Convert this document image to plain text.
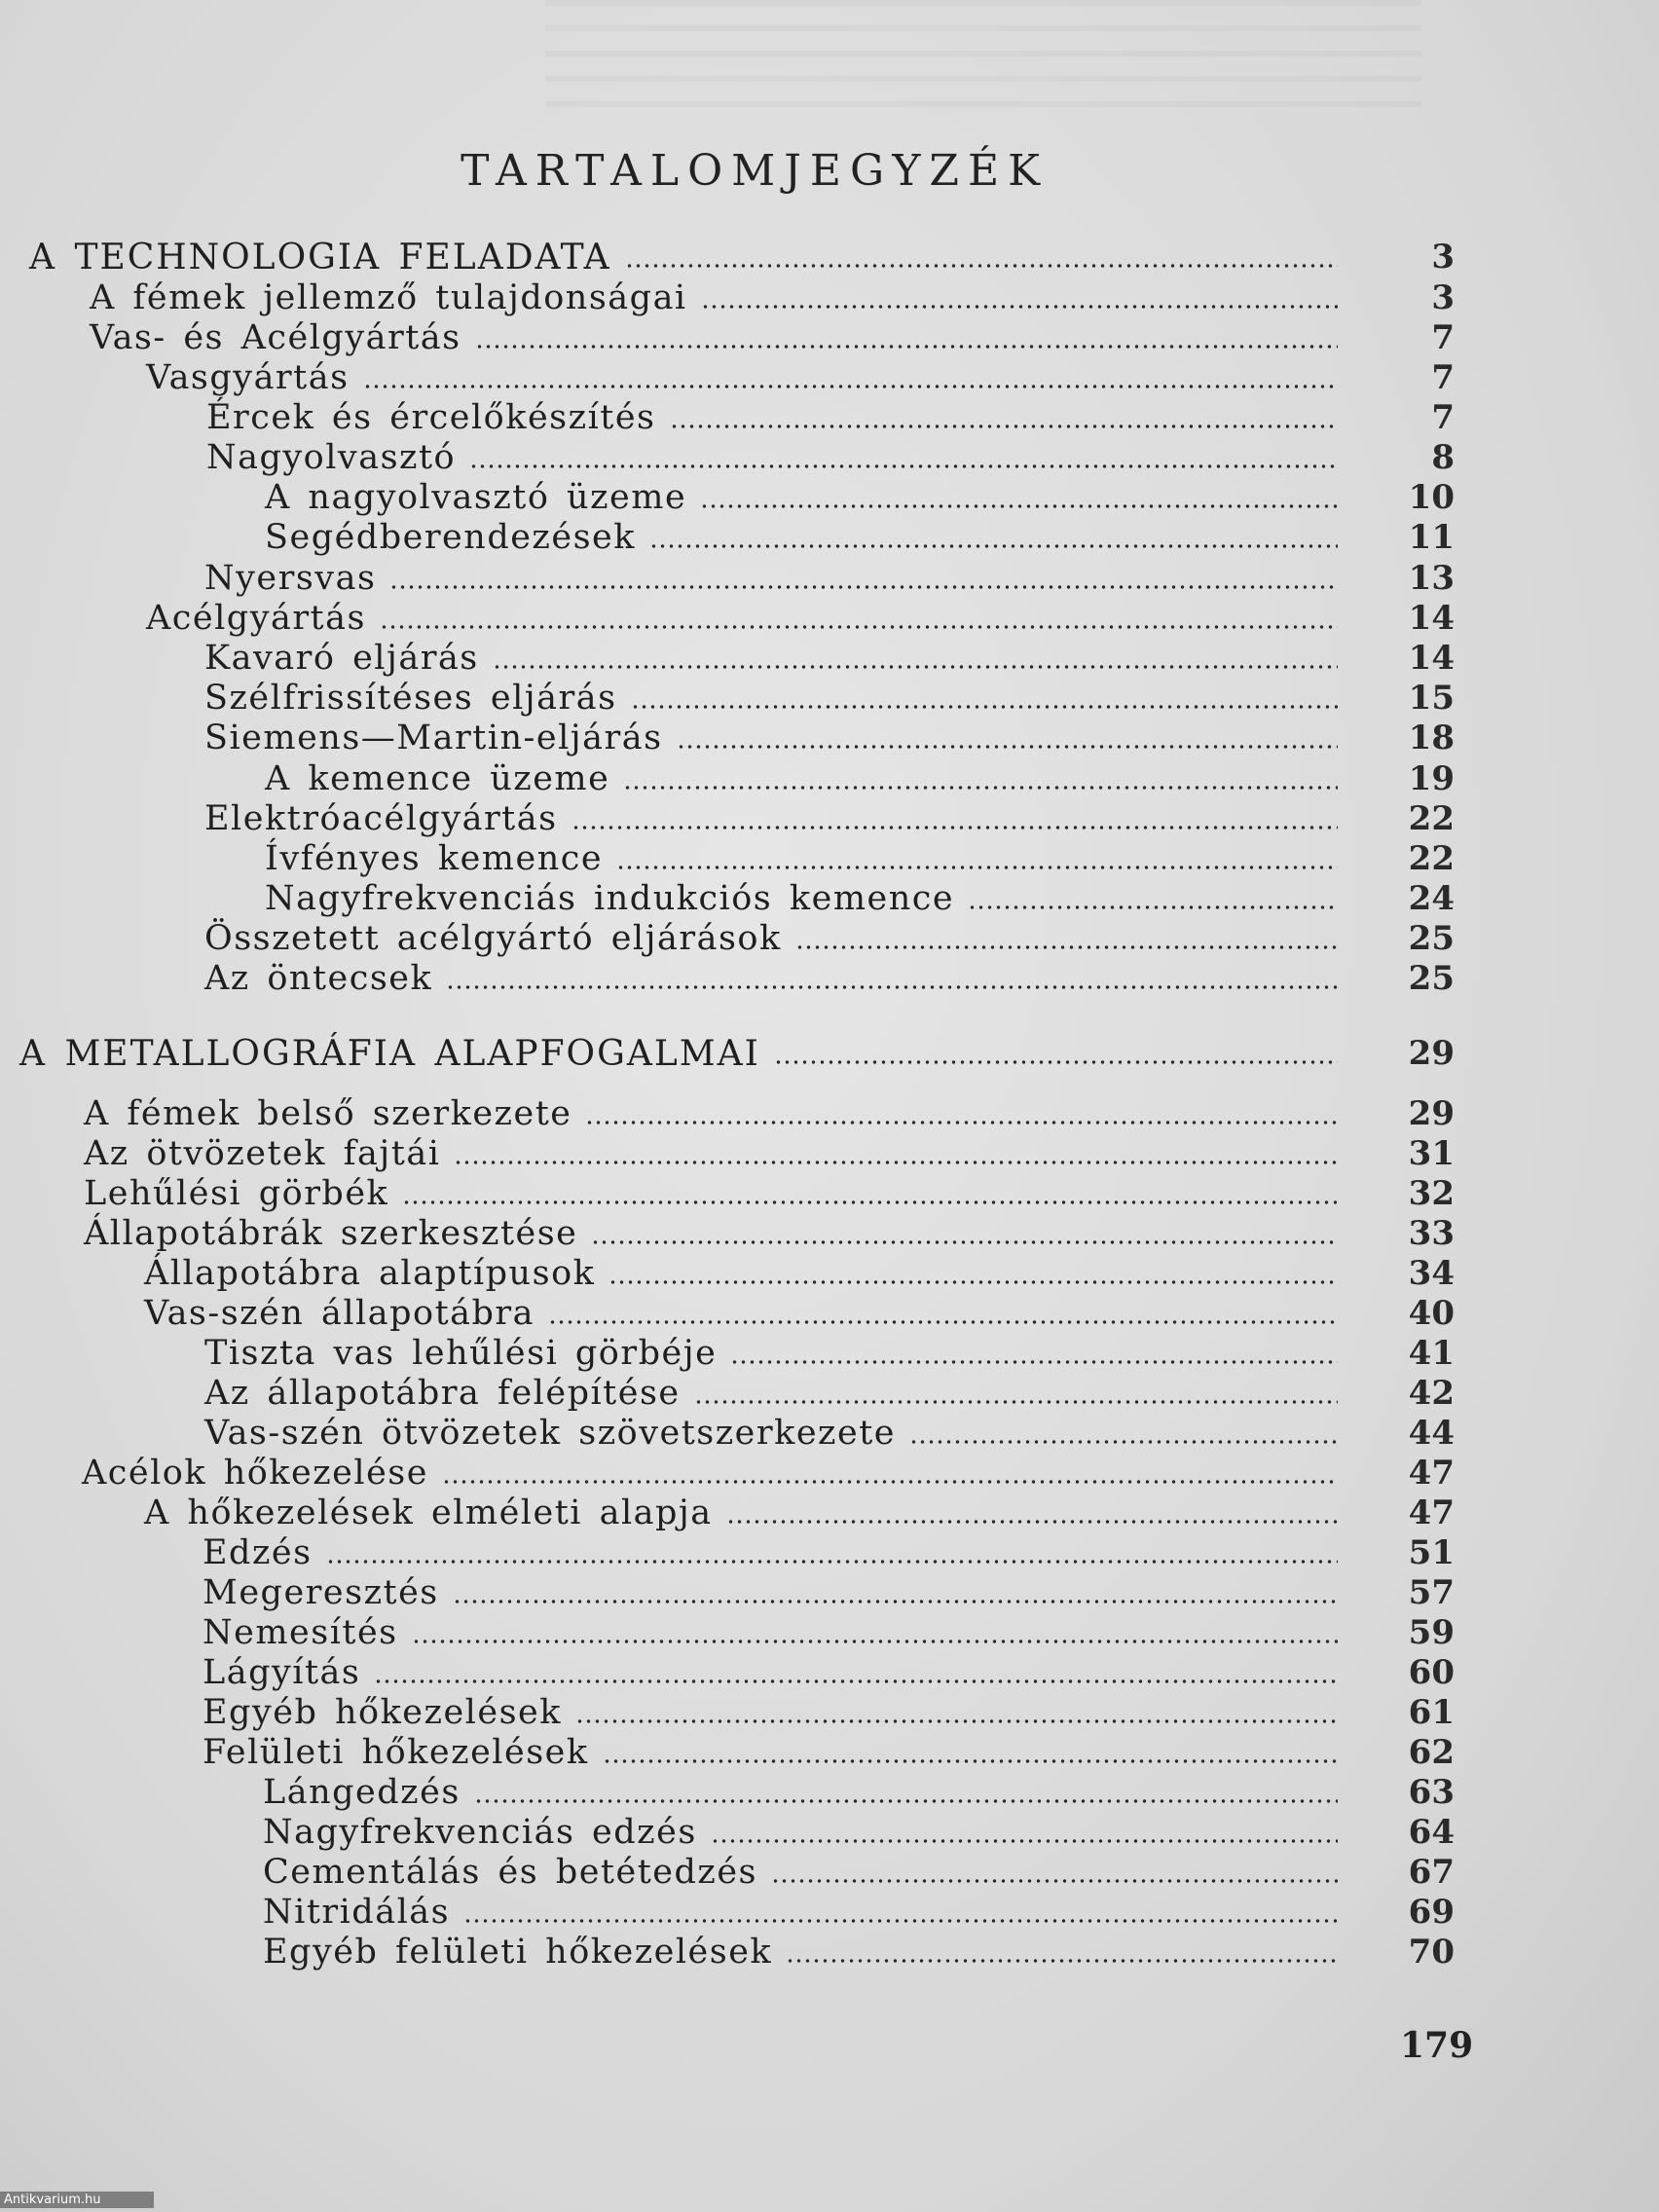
TARTALOMJEGYZÉK
A TECHNOLOGIA FELADATA	3
A fémek jellemző tulajdonságai	3
Vas- és Acélgyártás	7
Vasgyártás	7
Ércek és ércelőkészítés	7
Nagyolvasztó	8
A nagyolvasztó üzeme	10
Segédberendezések	11
Nyersvas	13
Acélgyártás	14
Kavaró eljárás	14
Szélfrissítéses eljárás	15
Siemens—Martin-eljárás	18
A kemence üzeme	19
Elektróacélgyártás	22
Ívfényes kemence	22
Nagyfrekvenciás indukciós kemence	24
Összetett acélgyártó eljárások	25
Az öntecsek	25
A METALLOGRÁFIA ALAPFOGALMAI	29
A fémek belső szerkezete	29
Az ötvözetek fajtái	31
Lehűlési görbék	32
Állapotábrák szerkesztése	33
Állapotábra alaptípusok	34
Vas-szén állapotábra	40
Tiszta vas lehűlési görbéje	41
Az állapotábra felépítése	42
Vas-szén ötvözetek szövetszerkezete	44
Acélok hőkezelése	47
A hőkezelések elméleti alapja	47
Edzés	51
Megeresztés	57
Nemesítés	59
Lágyítás	60
Egyéb hőkezelések	61
Felületi hőkezelések	62
Lángedzés	63
Nagyfrekvenciás edzés	64
Cementálás és betétedzés	67
Nitridálás	69
Egyéb felületi hőkezelések	70
179
Antikvarium.hu
